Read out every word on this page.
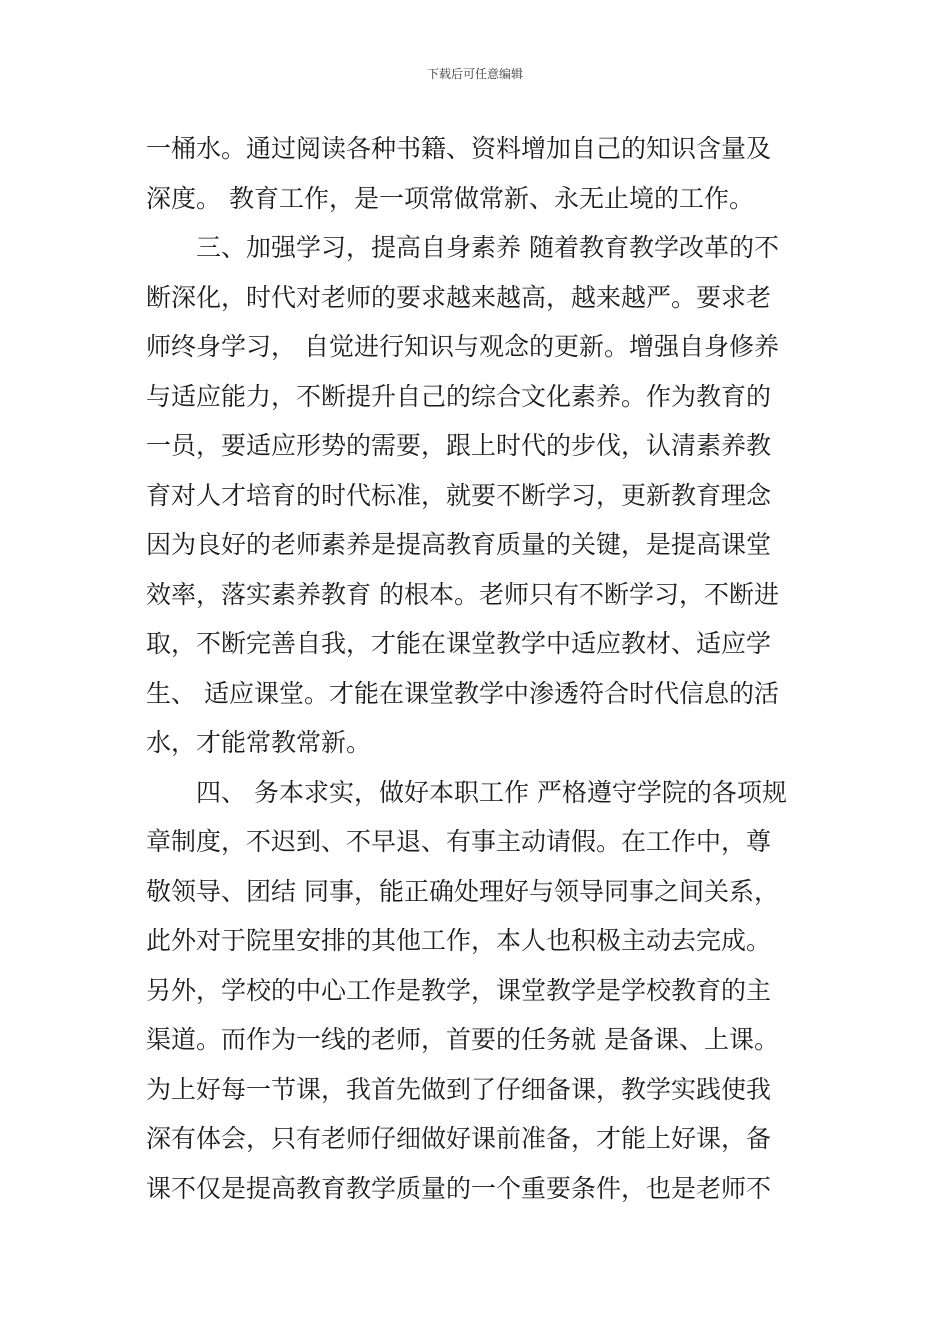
下载后可任意编辑
一桶水。通过阅读各种书籍、资料增加自己的知识含量及
深度。 教育工作，是一项常做常新、永无止境的工作。
三、加强学习，提高自身素养 随着教育教学改革的不
断深化，时代对老师的要求越来越高，越来越严。要求老
师终身学习， 自觉进行知识与观念的更新。增强自身修养
与适应能力，不断提升自己的综合文化素养。作为教育的
一员，要适应形势的需要，跟上时代的步伐，认清素养教
育对人才培育的时代标准，就要不断学习，更新教育理念
因为良好的老师素养是提高教育质量的关键，是提高课堂
效率，落实素养教育 的根本。老师只有不断学习，不断进
取，不断完善自我，才能在课堂教学中适应教材、适应学
生、 适应课堂。才能在课堂教学中渗透符合时代信息的活
水，才能常教常新。
四、 务本求实，做好本职工作 严格遵守学院的各项规
章制度，不迟到、不早退、有事主动请假。在工作中，尊
敬领导、团结 同事，能正确处理好与领导同事之间关系，
此外对于院里安排的其他工作，本人也积极主动去完成。
另外，学校的中心工作是教学，课堂教学是学校教育的主
渠道。而作为一线的老师，首要的任务就 是备课、上课。
为上好每一节课，我首先做到了仔细备课，教学实践使我
深有体会，只有老师仔细做好课前准备，才能上好课，备
课不仅是提高教育教学质量的一个重要条件，也是老师不
